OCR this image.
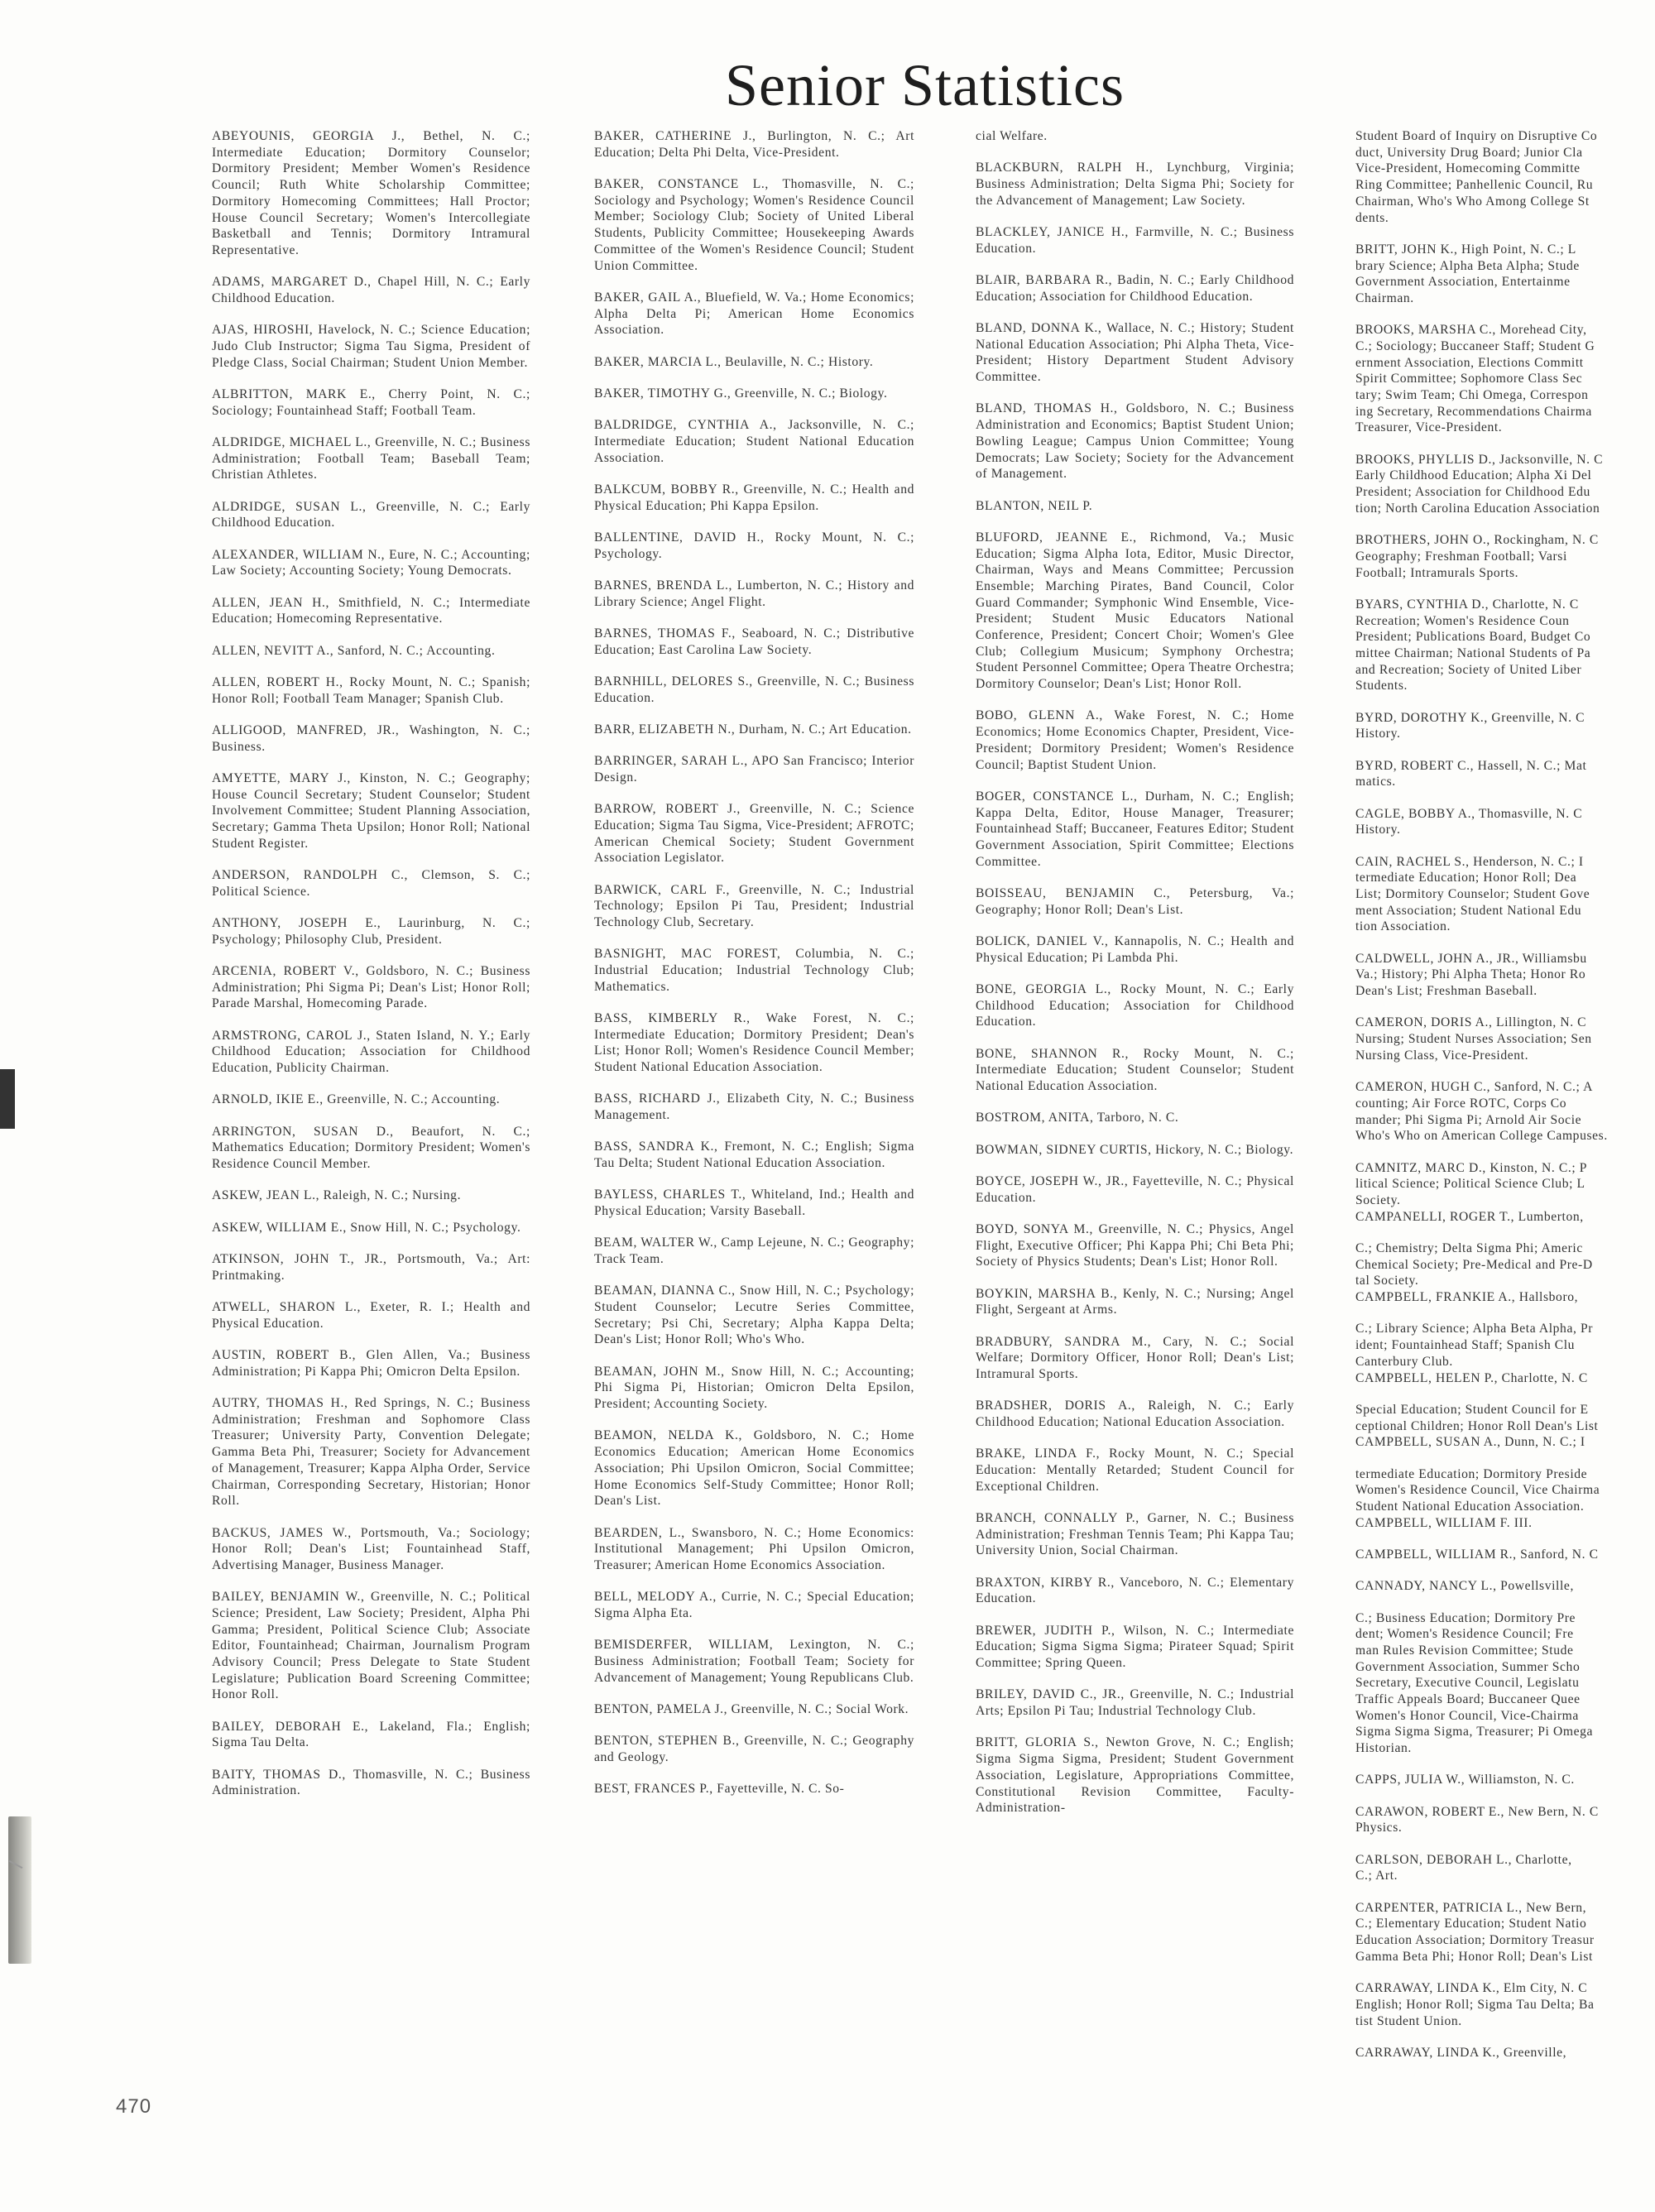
Senior Statistics

ABEYOUNIS, GEORGIA J., Bethel, N. C.; Intermediate Education; Dormitory Counselor; Dormitory President; Member Women's Residence Council; Ruth White Scholarship Committee; Dormitory Homecoming Committees; Hall Proctor; House Council Secretary; Women's Intercollegiate Basketball and Tennis; Dormitory Intramural Representative.

ADAMS, MARGARET D., Chapel Hill, N. C.; Early Childhood Education.

AJAS, HIROSHI, Havelock, N. C.; Science Education; Judo Club Instructor; Sigma Tau Sigma, President of Pledge Class, Social Chairman; Student Union Member.

ALBRITTON, MARK E., Cherry Point, N. C.; Sociology; Fountainhead Staff; Football Team.

ALDRIDGE, MICHAEL L., Greenville, N. C.; Business Administration; Football Team; Baseball Team; Christian Athletes.

ALDRIDGE, SUSAN L., Greenville, N. C.; Early Childhood Education.

ALEXANDER, WILLIAM N., Eure, N. C.; Accounting; Law Society; Accounting Society; Young Democrats.

ALLEN, JEAN H., Smithfield, N. C.; Intermediate Education; Homecoming Representative.

ALLEN, NEVITT A., Sanford, N. C.; Accounting.

ALLEN, ROBERT H., Rocky Mount, N. C.; Spanish; Honor Roll; Football Team Manager; Spanish Club.

ALLIGOOD, MANFRED, JR., Washington, N. C.; Business.

AMYETTE, MARY J., Kinston, N. C.; Geography; House Council Secretary; Student Counselor; Student Involvement Committee; Student Planning Association, Secretary; Gamma Theta Upsilon; Honor Roll; National Student Register.

ANDERSON, RANDOLPH C., Clemson, S. C.; Political Science.

ANTHONY, JOSEPH E., Laurinburg, N. C.; Psychology; Philosophy Club, President.

ARCENIA, ROBERT V., Goldsboro, N. C.; Business Administration; Phi Sigma Pi; Dean's List; Honor Roll; Parade Marshal, Homecoming Parade.

ARMSTRONG, CAROL J., Staten Island, N. Y.; Early Childhood Education; Association for Childhood Education, Publicity Chairman.

ARNOLD, IKIE E., Greenville, N. C.; Accounting.

ARRINGTON, SUSAN D., Beaufort, N. C.; Mathematics Education; Dormitory President; Women's Residence Council Member.

ASKEW, JEAN L., Raleigh, N. C.; Nursing.

ASKEW, WILLIAM E., Snow Hill, N. C.; Psychology.

ATKINSON, JOHN T., JR., Portsmouth, Va.; Art: Printmaking.

ATWELL, SHARON L., Exeter, R. I.; Health and Physical Education.

AUSTIN, ROBERT B., Glen Allen, Va.; Business Administration; Pi Kappa Phi; Omicron Delta Epsilon.

AUTRY, THOMAS H., Red Springs, N. C.; Business Administration; Freshman and Sophomore Class Treasurer; University Party, Convention Delegate; Gamma Beta Phi, Treasurer; Society for Advancement of Management, Treasurer; Kappa Alpha Order, Service Chairman, Corresponding Secretary, Historian; Honor Roll.

BACKUS, JAMES W., Portsmouth, Va.; Sociology; Honor Roll; Dean's List; Fountainhead Staff, Advertising Manager, Business Manager.

BAILEY, BENJAMIN W., Greenville, N. C.; Political Science; President, Law Society; President, Alpha Phi Gamma; President, Political Science Club; Associate Editor, Fountainhead; Chairman, Journalism Program Advisory Council; Press Delegate to State Student Legislature; Publication Board Screening Committee; Honor Roll.

BAILEY, DEBORAH E., Lakeland, Fla.; English; Sigma Tau Delta.

BAITY, THOMAS D., Thomasville, N. C.; Business Administration.

BAKER, CATHERINE J., Burlington, N. C.; Art Education; Delta Phi Delta, Vice-President.

BAKER, CONSTANCE L., Thomasville, N. C.; Sociology and Psychology; Women's Residence Council Member; Sociology Club; Society of United Liberal Students, Publicity Committee; Housekeeping Awards Committee of the Women's Residence Council; Student Union Committee.

BAKER, GAIL A., Bluefield, W. Va.; Home Economics; Alpha Delta Pi; American Home Economics Association.

BAKER, MARCIA L., Beulaville, N. C.; History.

BAKER, TIMOTHY G., Greenville, N. C.; Biology.

BALDRIDGE, CYNTHIA A., Jacksonville, N. C.; Intermediate Education; Student National Education Association.

BALKCUM, BOBBY R., Greenville, N. C.; Health and Physical Education; Phi Kappa Epsilon.

BALLENTINE, DAVID H., Rocky Mount, N. C.; Psychology.

BARNES, BRENDA L., Lumberton, N. C.; History and Library Science; Angel Flight.

BARNES, THOMAS F., Seaboard, N. C.; Distributive Education; East Carolina Law Society.

BARNHILL, DELORES S., Greenville, N. C.; Business Education.

BARR, ELIZABETH N., Durham, N. C.; Art Education.

BARRINGER, SARAH L., APO San Francisco; Interior Design.

BARROW, ROBERT J., Greenville, N. C.; Science Education; Sigma Tau Sigma, Vice-President; AFROTC; American Chemical Society; Student Government Association Legislator.

BARWICK, CARL F., Greenville, N. C.; Industrial Technology; Epsilon Pi Tau, President; Industrial Technology Club, Secretary.

BASNIGHT, MAC FOREST, Columbia, N. C.; Industrial Education; Industrial Technology Club; Mathematics.

BASS, KIMBERLY R., Wake Forest, N. C.; Intermediate Education; Dormitory President; Dean's List; Honor Roll; Women's Residence Council Member; Student National Education Association.

BASS, RICHARD J., Elizabeth City, N. C.; Business Management.

BASS, SANDRA K., Fremont, N. C.; English; Sigma Tau Delta; Student National Education Association.

BAYLESS, CHARLES T., Whiteland, Ind.; Health and Physical Education; Varsity Baseball.

BEAM, WALTER W., Camp Lejeune, N. C.; Geography; Track Team.

BEAMAN, DIANNA C., Snow Hill, N. C.; Psychology; Student Counselor; Lecutre Series Committee, Secretary; Psi Chi, Secretary; Alpha Kappa Delta; Dean's List; Honor Roll; Who's Who.

BEAMAN, JOHN M., Snow Hill, N. C.; Accounting; Phi Sigma Pi, Historian; Omicron Delta Epsilon, President; Accounting Society.

BEAMON, NELDA K., Goldsboro, N. C.; Home Economics Education; American Home Economics Association; Phi Upsilon Omicron, Social Committee; Home Economics Self-Study Committee; Honor Roll; Dean's List.

BEARDEN, L., Swansboro, N. C.; Home Economics: Institutional Management; Phi Upsilon Omicron, Treasurer; American Home Economics Association.

BELL, MELODY A., Currie, N. C.; Special Education; Sigma Alpha Eta.

BEMISDERFER, WILLIAM, Lexington, N. C.; Business Administration; Football Team; Society for Advancement of Management; Young Republicans Club.

BENTON, PAMELA J., Greenville, N. C.; Social Work.

BENTON, STEPHEN B., Greenville, N. C.; Geography and Geology.

BEST, FRANCES P., Fayetteville, N. C. So-

cial Welfare.

BLACKBURN, RALPH H., Lynchburg, Virginia; Business Administration; Delta Sigma Phi; Society for the Advancement of Management; Law Society.

BLACKLEY, JANICE H., Farmville, N. C.; Business Education.

BLAIR, BARBARA R., Badin, N. C.; Early Childhood Education; Association for Childhood Education.

BLAND, DONNA K., Wallace, N. C.; History; Student National Education Association; Phi Alpha Theta, Vice-President; History Department Student Advisory Committee.

BLAND, THOMAS H., Goldsboro, N. C.; Business Administration and Economics; Baptist Student Union; Bowling League; Campus Union Committee; Young Democrats; Law Society; Society for the Advancement of Management.

BLANTON, NEIL P.

BLUFORD, JEANNE E., Richmond, Va.; Music Education; Sigma Alpha Iota, Editor, Music Director, Chairman, Ways and Means Committee; Percussion Ensemble; Marching Pirates, Band Council, Color Guard Commander; Symphonic Wind Ensemble, Vice-President; Student Music Educators National Conference, President; Concert Choir; Women's Glee Club; Collegium Musicum; Symphony Orchestra; Student Personnel Committee; Opera Theatre Orchestra; Dormitory Counselor; Dean's List; Honor Roll.

BOBO, GLENN A., Wake Forest, N. C.; Home Economics; Home Economics Chapter, President, Vice-President; Dormitory President; Women's Residence Council; Baptist Student Union.

BOGER, CONSTANCE L., Durham, N. C.; English; Kappa Delta, Editor, House Manager, Treasurer; Fountainhead Staff; Buccaneer, Features Editor; Student Government Association, Spirit Committee; Elections Committee.

BOISSEAU, BENJAMIN C., Petersburg, Va.; Geography; Honor Roll; Dean's List.

BOLICK, DANIEL V., Kannapolis, N. C.; Health and Physical Education; Pi Lambda Phi.

BONE, GEORGIA L., Rocky Mount, N. C.; Early Childhood Education; Association for Childhood Education.

BONE, SHANNON R., Rocky Mount, N. C.; Intermediate Education; Student Counselor; Student National Education Association.

BOSTROM, ANITA, Tarboro, N. C.

BOWMAN, SIDNEY CURTIS, Hickory, N. C.; Biology.

BOYCE, JOSEPH W., JR., Fayetteville, N. C.; Physical Education.

BOYD, SONYA M., Greenville, N. C.; Physics, Angel Flight, Executive Officer; Phi Kappa Phi; Chi Beta Phi; Society of Physics Students; Dean's List; Honor Roll.

BOYKIN, MARSHA B., Kenly, N. C.; Nursing; Angel Flight, Sergeant at Arms.

BRADBURY, SANDRA M., Cary, N. C.; Social Welfare; Dormitory Officer, Honor Roll; Dean's List; Intramural Sports.

BRADSHER, DORIS A., Raleigh, N. C.; Early Childhood Education; National Education Association.

BRAKE, LINDA F., Rocky Mount, N. C.; Special Education: Mentally Retarded; Student Council for Exceptional Children.

BRANCH, CONNALLY P., Garner, N. C.; Business Administration; Freshman Tennis Team; Phi Kappa Tau; University Union, Social Chairman.

BRAXTON, KIRBY R., Vanceboro, N. C.; Elementary Education.

BREWER, JUDITH P., Wilson, N. C.; Intermediate Education; Sigma Sigma Sigma; Pirateer Squad; Spirit Committee; Spring Queen.

BRILEY, DAVID C., JR., Greenville, N. C.; Industrial Arts; Epsilon Pi Tau; Industrial Technology Club.

BRITT, GLORIA S., Newton Grove, N. C.; English; Sigma Sigma Sigma, President; Student Government Association, Legislature, Appropriations Committee, Constitutional Revision Committee, Faculty-Administration-

Student Board of Inquiry on Disruptive Co
duct, University Drug Board; Junior Cla
Vice-President, Homecoming Committe
Ring Committee; Panhellenic Council, Ru
Chairman, Who's Who Among College St
dents.

BRITT, JOHN K., High Point, N. C.; L
brary Science; Alpha Beta Alpha; Stude
Government Association, Entertainme
Chairman.

BROOKS, MARSHA C., Morehead City,
C.; Sociology; Buccaneer Staff; Student G
ernment Association, Elections Committ
Spirit Committee; Sophomore Class Sec
tary; Swim Team; Chi Omega, Correspon
ing Secretary, Recommendations Chairma
Treasurer, Vice-President.

BROOKS, PHYLLIS D., Jacksonville, N. C
Early Childhood Education; Alpha Xi Del
President; Association for Childhood Edu
tion; North Carolina Education Association

BROTHERS, JOHN O., Rockingham, N. C
Geography; Freshman Football; Varsi
Football; Intramurals Sports.

BYARS, CYNTHIA D., Charlotte, N. C
Recreation; Women's Residence Coun
President; Publications Board, Budget Co
mittee Chairman; National Students of Pa
and Recreation; Society of United Liber
Students.

BYRD, DOROTHY K., Greenville, N. C
History.

BYRD, ROBERT C., Hassell, N. C.; Mat
matics.

CAGLE, BOBBY A., Thomasville, N. C
History.

CAIN, RACHEL S., Henderson, N. C.; I
termediate Education; Honor Roll; Dea
List; Dormitory Counselor; Student Gove
ment Association; Student National Edu
tion Association.

CALDWELL, JOHN A., JR., Williamsbu
Va.; History; Phi Alpha Theta; Honor Ro
Dean's List; Freshman Baseball.

CAMERON, DORIS A., Lillington, N. C
Nursing; Student Nurses Association; Sen
Nursing Class, Vice-President.

CAMERON, HUGH C., Sanford, N. C.; A
counting; Air Force ROTC, Corps Co
mander; Phi Sigma Pi; Arnold Air Socie
Who's Who on American College Campuses.

CAMNITZ, MARC D., Kinston, N. C.; P
litical Science; Political Science Club; L
Society.
CAMPANELLI, ROGER T., Lumberton,

C.; Chemistry; Delta Sigma Phi; Americ
Chemical Society; Pre-Medical and Pre-D
tal Society.
CAMPBELL, FRANKIE A., Hallsboro,

C.; Library Science; Alpha Beta Alpha, Pr
ident; Fountainhead Staff; Spanish Clu
Canterbury Club.
CAMPBELL, HELEN P., Charlotte, N. C

Special Education; Student Council for E
ceptional Children; Honor Roll Dean's List
CAMPBELL, SUSAN A., Dunn, N. C.; I

termediate Education; Dormitory Preside
Women's Residence Council, Vice Chairma
Student National Education Association.
CAMPBELL, WILLIAM F. III.

CAMPBELL, WILLIAM R., Sanford, N. C

CANNADY, NANCY L., Powellsville,

C.; Business Education; Dormitory Pre
dent; Women's Residence Council; Fre
man Rules Revision Committee; Stude
Government Association, Summer Scho
Secretary, Executive Council, Legislatu
Traffic Appeals Board; Buccaneer Quee
Women's Honor Council, Vice-Chairma
Sigma Sigma Sigma, Treasurer; Pi Omega
Historian.

CAPPS, JULIA W., Williamston, N. C.

CARAWON, ROBERT E., New Bern, N. C
Physics.

CARLSON, DEBORAH L., Charlotte,
C.; Art.

CARPENTER, PATRICIA L., New Bern,
C.; Elementary Education; Student Natio
Education Association; Dormitory Treasur
Gamma Beta Phi; Honor Roll; Dean's List

CARRAWAY, LINDA K., Elm City, N. C
English; Honor Roll; Sigma Tau Delta; Ba
tist Student Union.

CARRAWAY, LINDA K., Greenville,

470
